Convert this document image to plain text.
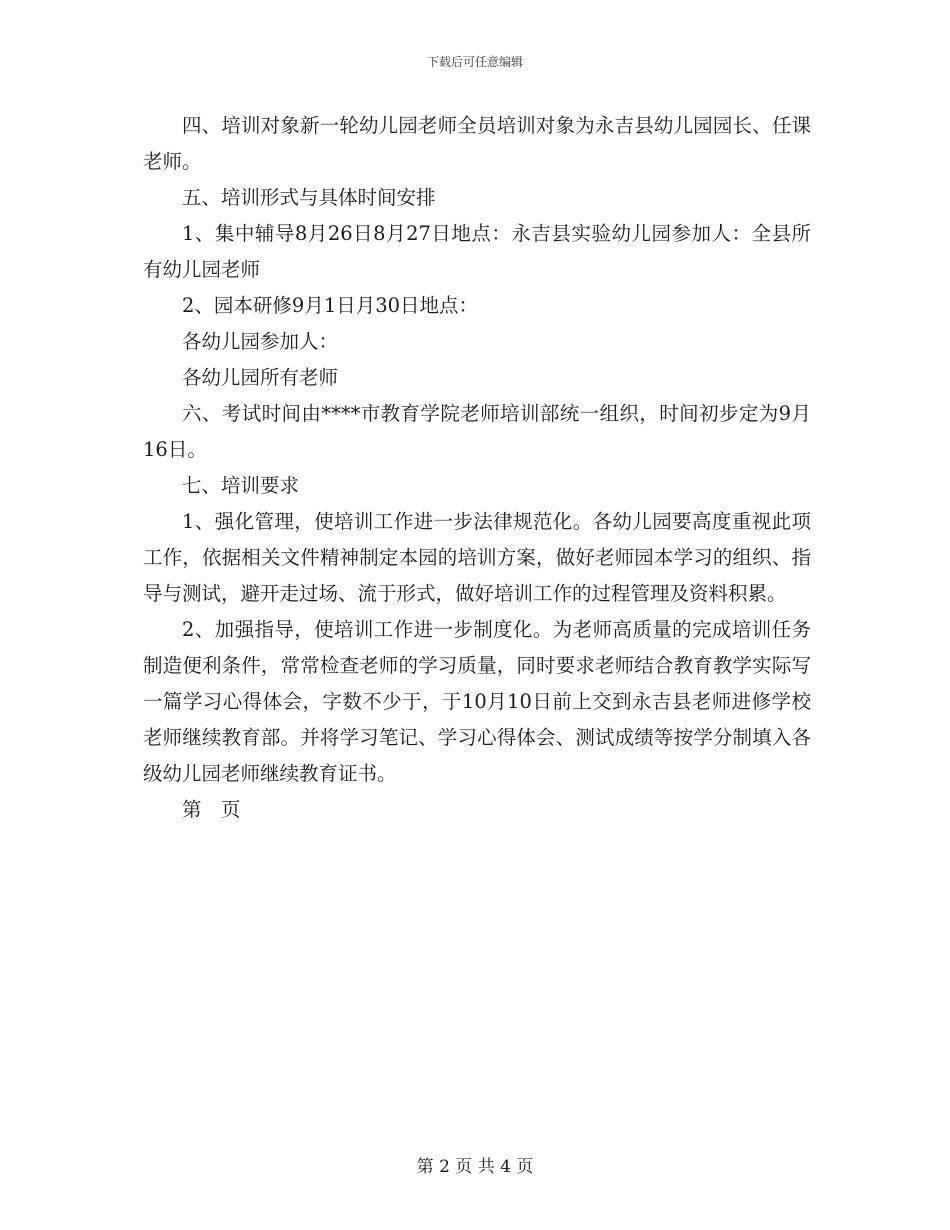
下载后可任意编辑

四、培训对象新一轮幼儿园老师全员培训对象为永吉县幼儿园园长、任课老师。

五、培训形式与具体时间安排

1、集中辅导8月26日8月27日地点：永吉县实验幼儿园参加人：全县所有幼儿园老师

2、园本研修9月1日月30日地点：

各幼儿园参加人：

各幼儿园所有老师

六、考试时间由****市教育学院老师培训部统一组织，时间初步定为9月16日。

七、培训要求

1、强化管理，使培训工作进一步法律规范化。各幼儿园要高度重视此项工作，依据相关文件精神制定本园的培训方案，做好老师园本学习的组织、指导与测试，避开走过场、流于形式，做好培训工作的过程管理及资料积累。

2、加强指导，使培训工作进一步制度化。为老师高质量的完成培训任务制造便利条件，常常检查老师的学习质量，同时要求老师结合教育教学实际写一篇学习心得体会，字数不少于，于10月10日前上交到永吉县老师进修学校老师继续教育部。并将学习笔记、学习心得体会、测试成绩等按学分制填入各级幼儿园老师继续教育证书。

第　页

第 2 页 共 4 页
